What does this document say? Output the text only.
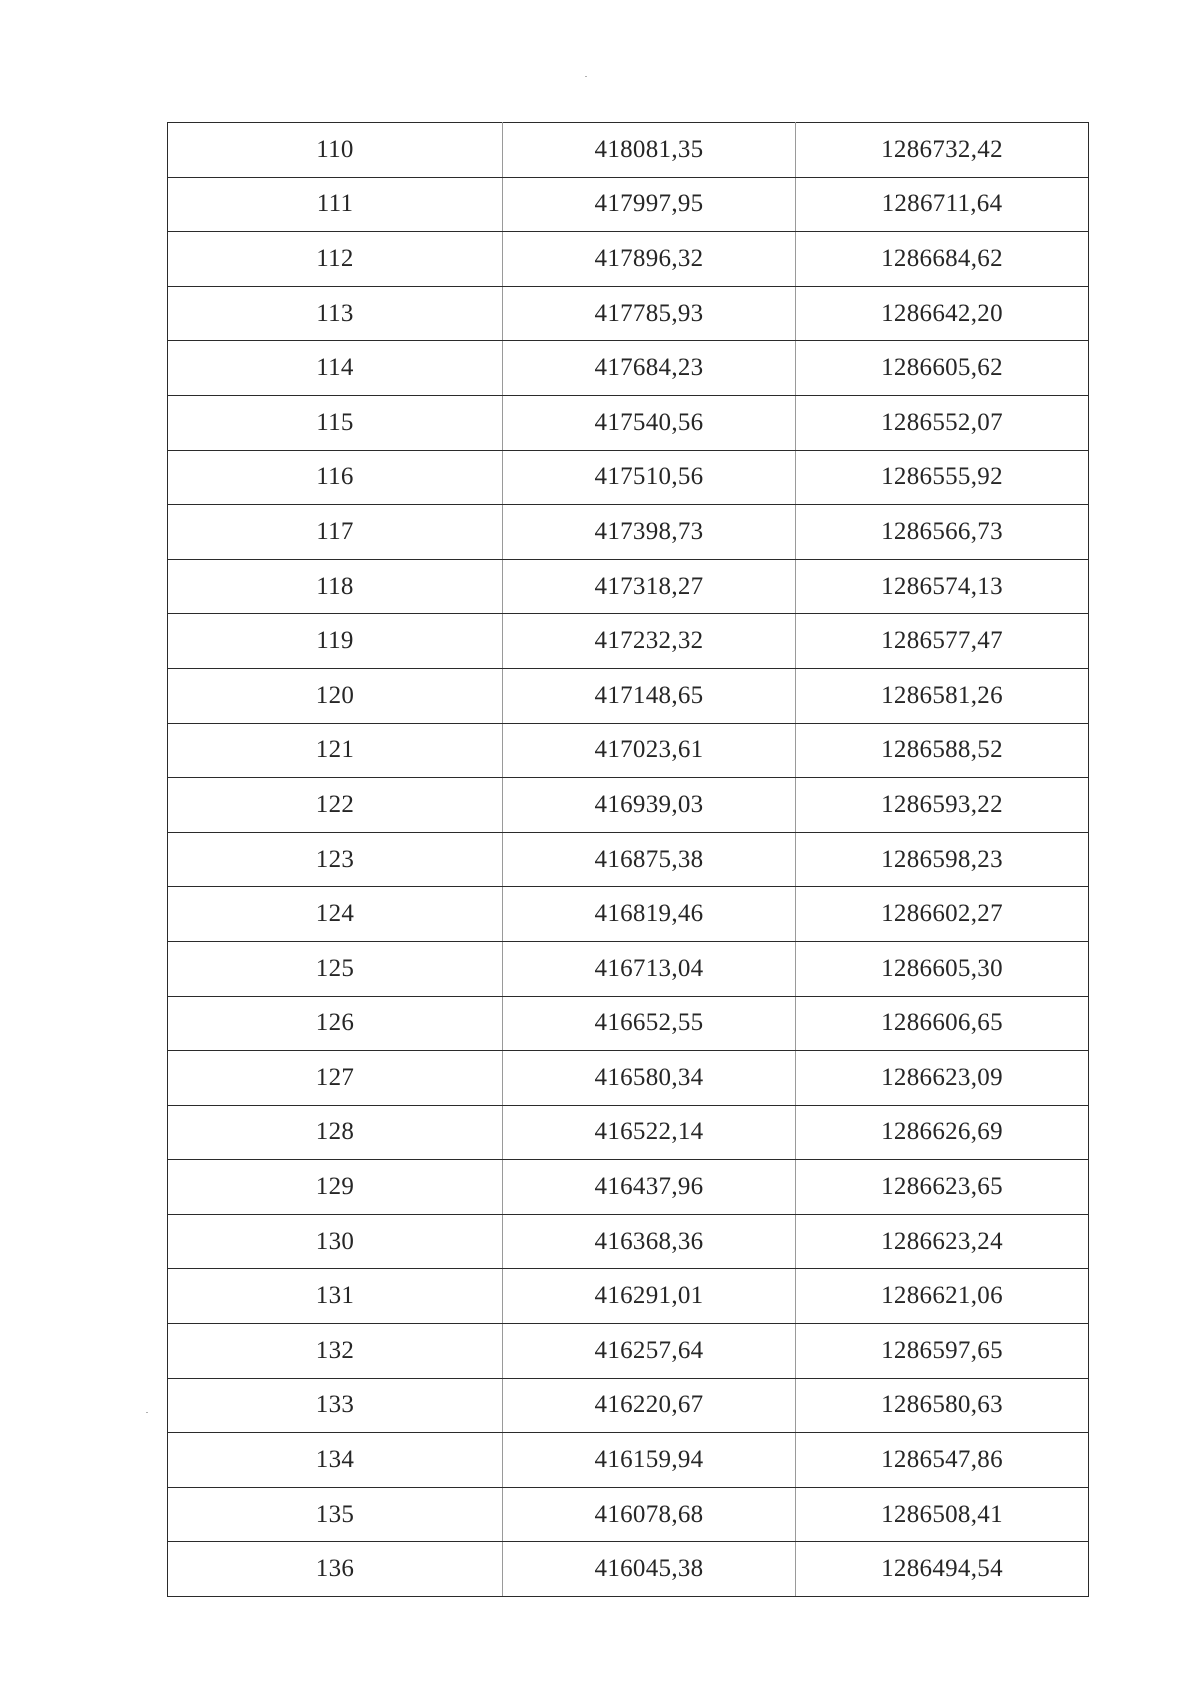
110	418081,35	1286732,42
111	417997,95	1286711,64
112	417896,32	1286684,62
113	417785,93	1286642,20
114	417684,23	1286605,62
115	417540,56	1286552,07
116	417510,56	1286555,92
117	417398,73	1286566,73
118	417318,27	1286574,13
119	417232,32	1286577,47
120	417148,65	1286581,26
121	417023,61	1286588,52
122	416939,03	1286593,22
123	416875,38	1286598,23
124	416819,46	1286602,27
125	416713,04	1286605,30
126	416652,55	1286606,65
127	416580,34	1286623,09
128	416522,14	1286626,69
129	416437,96	1286623,65
130	416368,36	1286623,24
131	416291,01	1286621,06
132	416257,64	1286597,65
133	416220,67	1286580,63
134	416159,94	1286547,86
135	416078,68	1286508,41
136	416045,38	1286494,54
